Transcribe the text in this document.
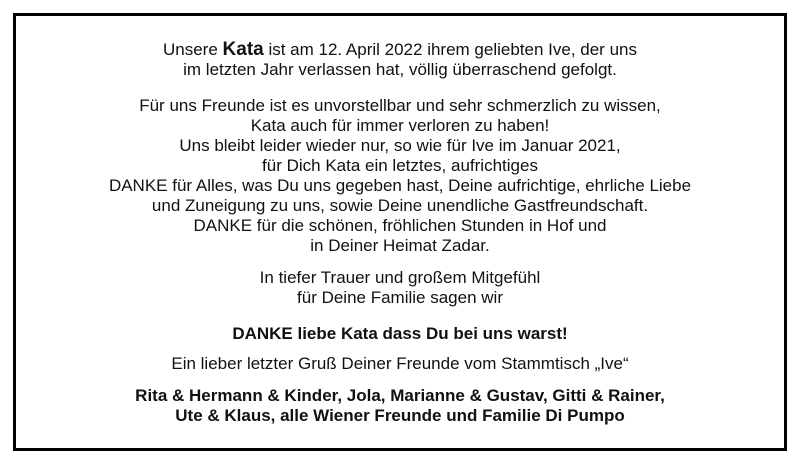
Unsere Kata ist am 12. April 2022 ihrem geliebten Ive, der uns
im letzten Jahr verlassen hat, völlig überraschend gefolgt.
Für uns Freunde ist es unvorstellbar und sehr schmerzlich zu wissen,
Kata auch für immer verloren zu haben!
Uns bleibt leider wieder nur, so wie für Ive im Januar 2021,
für Dich Kata ein letztes, aufrichtiges
DANKE für Alles, was Du uns gegeben hast, Deine aufrichtige, ehrliche Liebe
und Zuneigung zu uns, sowie Deine unendliche Gastfreundschaft.
DANKE für die schönen, fröhlichen Stunden in Hof und
in Deiner Heimat Zadar.
In tiefer Trauer und großem Mitgefühl
für Deine Familie sagen wir
DANKE liebe Kata dass Du bei uns warst!
Ein lieber letzter Gruß Deiner Freunde vom Stammtisch „Ive“
Rita & Hermann & Kinder, Jola, Marianne & Gustav, Gitti & Rainer,
Ute & Klaus, alle Wiener Freunde und Familie Di Pumpo
